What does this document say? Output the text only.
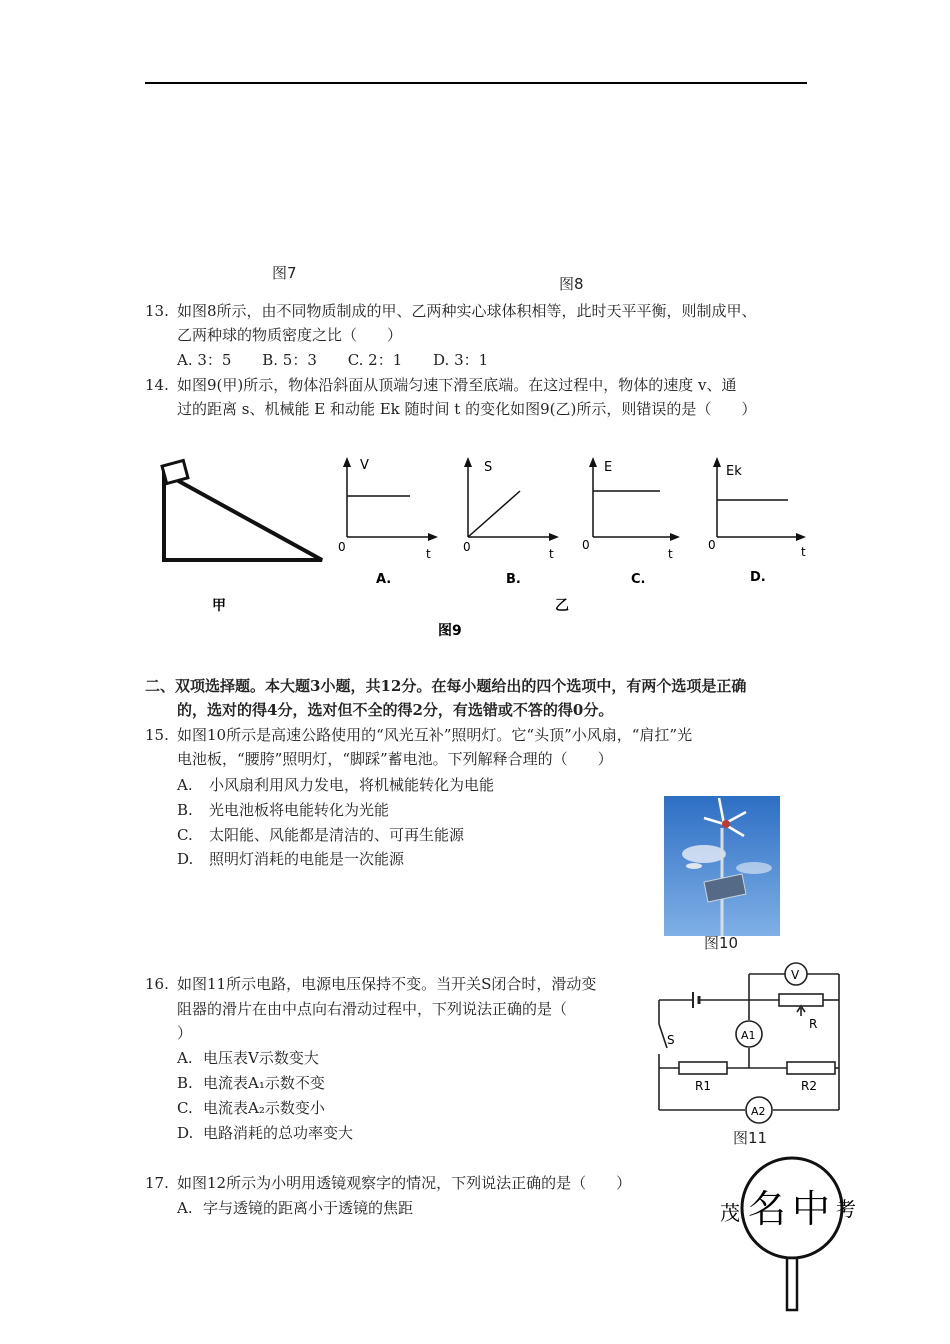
图7
图8
13. 如图8所示，由不同物质制成的甲、乙两种实心球体积相等，此时天平平衡，则制成甲、
乙两种球的物质密度之比（　　）
A. 3：5 B. 5：3 C. 2：1 D. 3：1
14. 如图9(甲)所示，物体沿斜面从顶端匀速下滑至底端。在这过程中，物体的速度 v、通
过的距离 s、机械能 E 和动能 Ek 随时间 t 的变化如图9(乙)所示，则错误的是（　　）
甲	乙
图9
V
0	t
A.
S
0	t
B.
E
0
t
C.
Ek
0	t
D.
二、双项选择题。本大题3小题，共12分。在每小题给出的四个选项中，有两个选项是正确
的，选对的得4分，选对但不全的得2分，有选错或不答的得0分。
15. 如图10所示是高速公路使用的“风光互补”照明灯。它“头顶”小风扇，“肩扛”光
电池板，“腰胯”照明灯，“脚踩”蓄电池。下列解释合理的（　　）
A. 小风扇利用风力发电，将机械能转化为电能
B. 光电池板将电能转化为光能
C. 太阳能、风能都是清洁的、可再生能源
D. 照明灯消耗的电能是一次能源
图10
16. 如图11所示电路，电源电压保持不变。当开关S闭合时，滑动变
阻器的滑片在由中点向右滑动过程中，下列说法正确的是（
）
A. 电压表V示数变大
B. 电流表A₁示数不变
C. 电流表A₂示数变小
D. 电路消耗的总功率变大
V
A1
A2
R
R1	R2
S
图11
17. 如图12所示为小明用透镜观察字的情况，下列说法正确的是（　　）
A. 字与透镜的距离小于透镜的焦距	茂 名 中 考
